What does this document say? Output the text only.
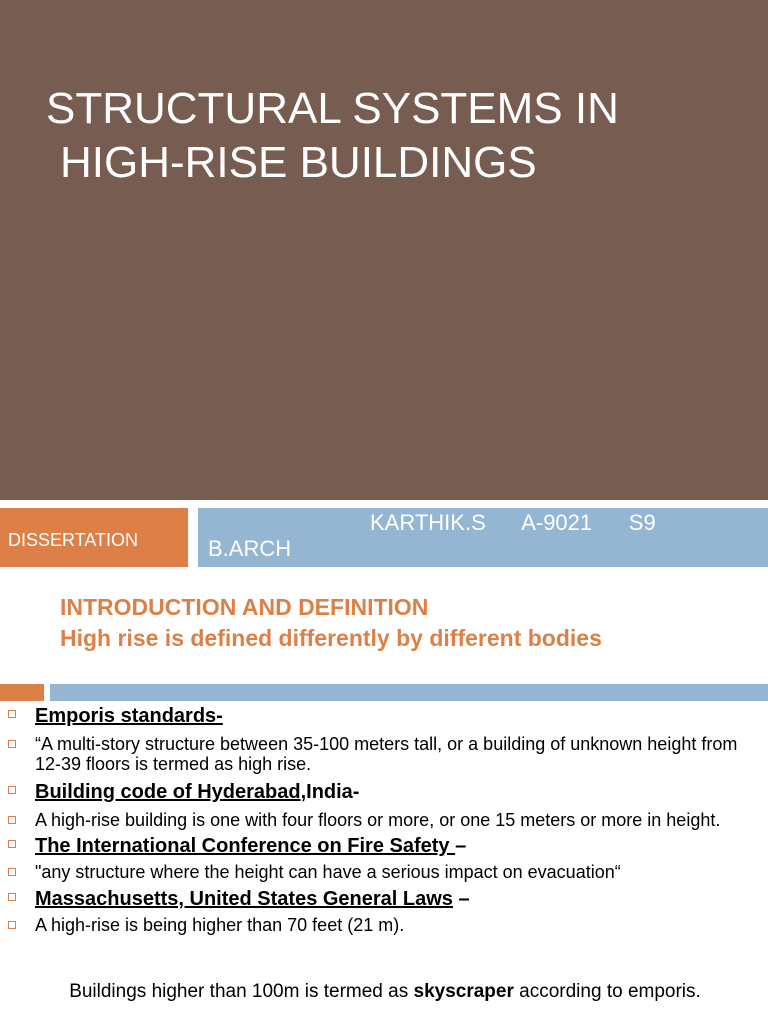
STRUCTURAL SYSTEMS IN

HIGH-RISE BUILDINGS
DISSERTATION
KARTHIK.S      A-9021      S9
B.ARCH
INTRODUCTION AND DEFINITION
High rise is defined differently by different bodies
Emporis standards-
“A multi-story structure between 35-100 meters tall, or a building of unknown height from 12-39 floors is termed as high rise.
Building code of Hyderabad,India-
A high-rise building is one with four floors or more, or one 15 meters or more in height.
The International Conference on Fire Safety –
"any structure where the height can have a serious impact on evacuation“
Massachusetts, United States General Laws –
A high-rise is being higher than 70 feet (21 m).
Buildings higher than 100m is termed as skyscraper according to emporis.
